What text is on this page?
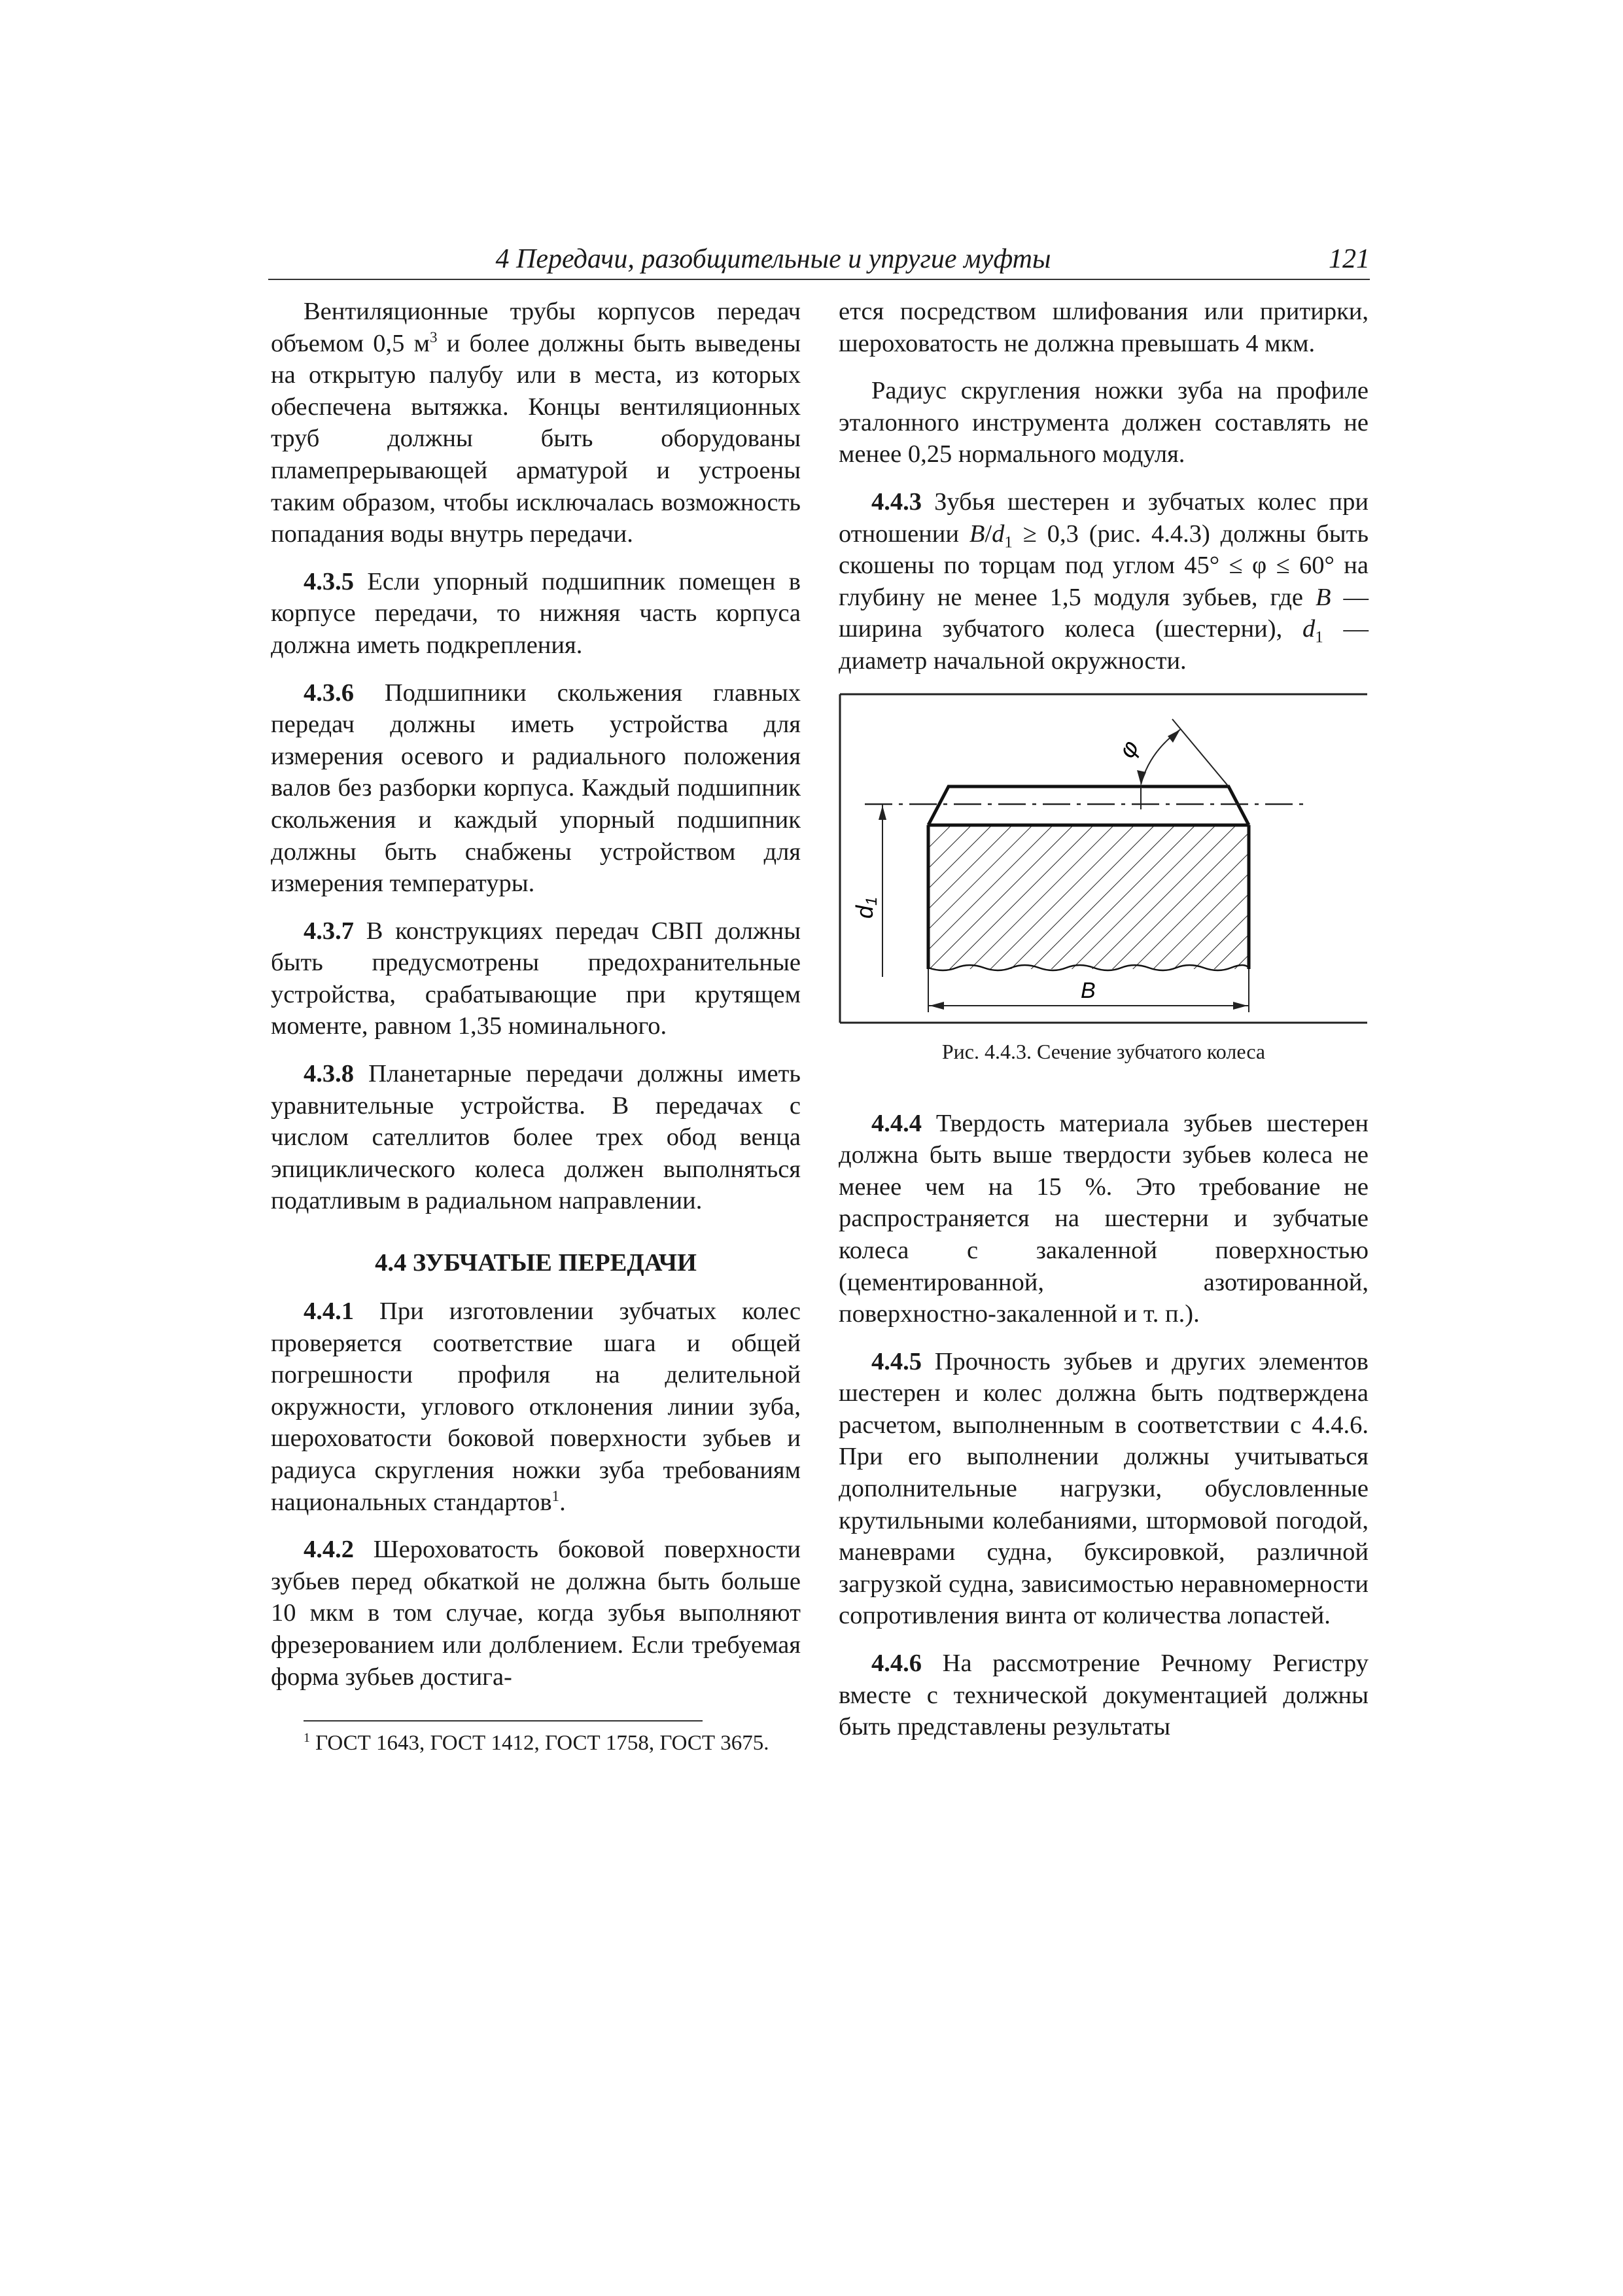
4 Передачи, разобщительные и упругие муфты	121

Вентиляционные трубы корпусов передач объемом 0,5 $м^3$ и более должны быть выведены на открытую палубу или в места, из которых обеспечена вытяжка. Концы вентиляционных труб должны быть оборудованы пламепрерывающей арматурой и устроены таким образом, чтобы исключалась возможность попадания воды внутрь передачи.

4.3.5 Если упорный подшипник помещен в корпусе передачи, то нижняя часть корпуса должна иметь подкрепления.

4.3.6 Подшипники скольжения главных передач должны иметь устройства для измерения осевого и радиального положения валов без разборки корпуса. Каждый подшипник скольжения и каждый упорный подшипник должны быть снабжены устройством для измерения температуры.

4.3.7 В конструкциях передач СВП должны быть предусмотрены предохранительные устройства, срабатывающие при крутящем моменте, равном 1,35 номинального.

4.3.8 Планетарные передачи должны иметь уравнительные устройства. В передачах с числом сателлитов более трех обод венца эпициклического колеса должен выполняться податливым в радиальном направлении.

4.4 ЗУБЧАТЫЕ ПЕРЕДАЧИ

4.4.1 При изготовлении зубчатых колес проверяется соответствие шага и общей погрешности профиля на делительной окружности, углового отклонения линии зуба, шероховатости боковой поверхности зубьев и радиуса скругления ножки зуба требованиям национальных стандартов$^1$.

4.4.2 Шероховатость боковой поверхности зубьев перед обкаткой не должна быть больше 10 мкм в том случае, когда зубья выполняют фрезерованием или долблением. Если требуемая форма зубьев достига-

$^1$ ГОСТ 1643, ГОСТ 1412, ГОСТ 1758, ГОСТ 3675.

ется посредством шлифования или притирки, шероховатость не должна превышать 4 мкм.

Радиус скругления ножки зуба на профиле эталонного инструмента должен составлять не менее 0,25 нормального модуля.

4.4.3 Зубья шестерен и зубчатых колес при отношении $B/d_1 \ge 0,3$ (рис. 4.4.3) должны быть скошены по торцам под углом 45° ≤ φ ≤ 60° на глубину не менее 1,5 модуля зубьев, где B — ширина зубчатого колеса (шестерни), $d_1$ — диаметр начальной окружности.

φ
d1
B
Рис. 4.4.3. Сечение зубчатого колеса

4.4.4 Твердость материала зубьев шестерен должна быть выше твердости зубьев колеса не менее чем на 15 %. Это требование не распространяется на шестерни и зубчатые колеса с закаленной поверхностью (цементированной, азотированной, поверхностно-закаленной и т. п.).

4.4.5 Прочность зубьев и других элементов шестерен и колес должна быть подтверждена расчетом, выполненным в соответствии с 4.4.6. При его выполнении должны учитываться дополнительные нагрузки, обусловленные крутильными колебаниями, штормовой погодой, маневрами судна, буксировкой, различной загрузкой судна, зависимостью неравномерности сопротивления винта от количества лопастей.

4.4.6 На рассмотрение Речному Регистру вместе с технической документацией должны быть представлены результаты
